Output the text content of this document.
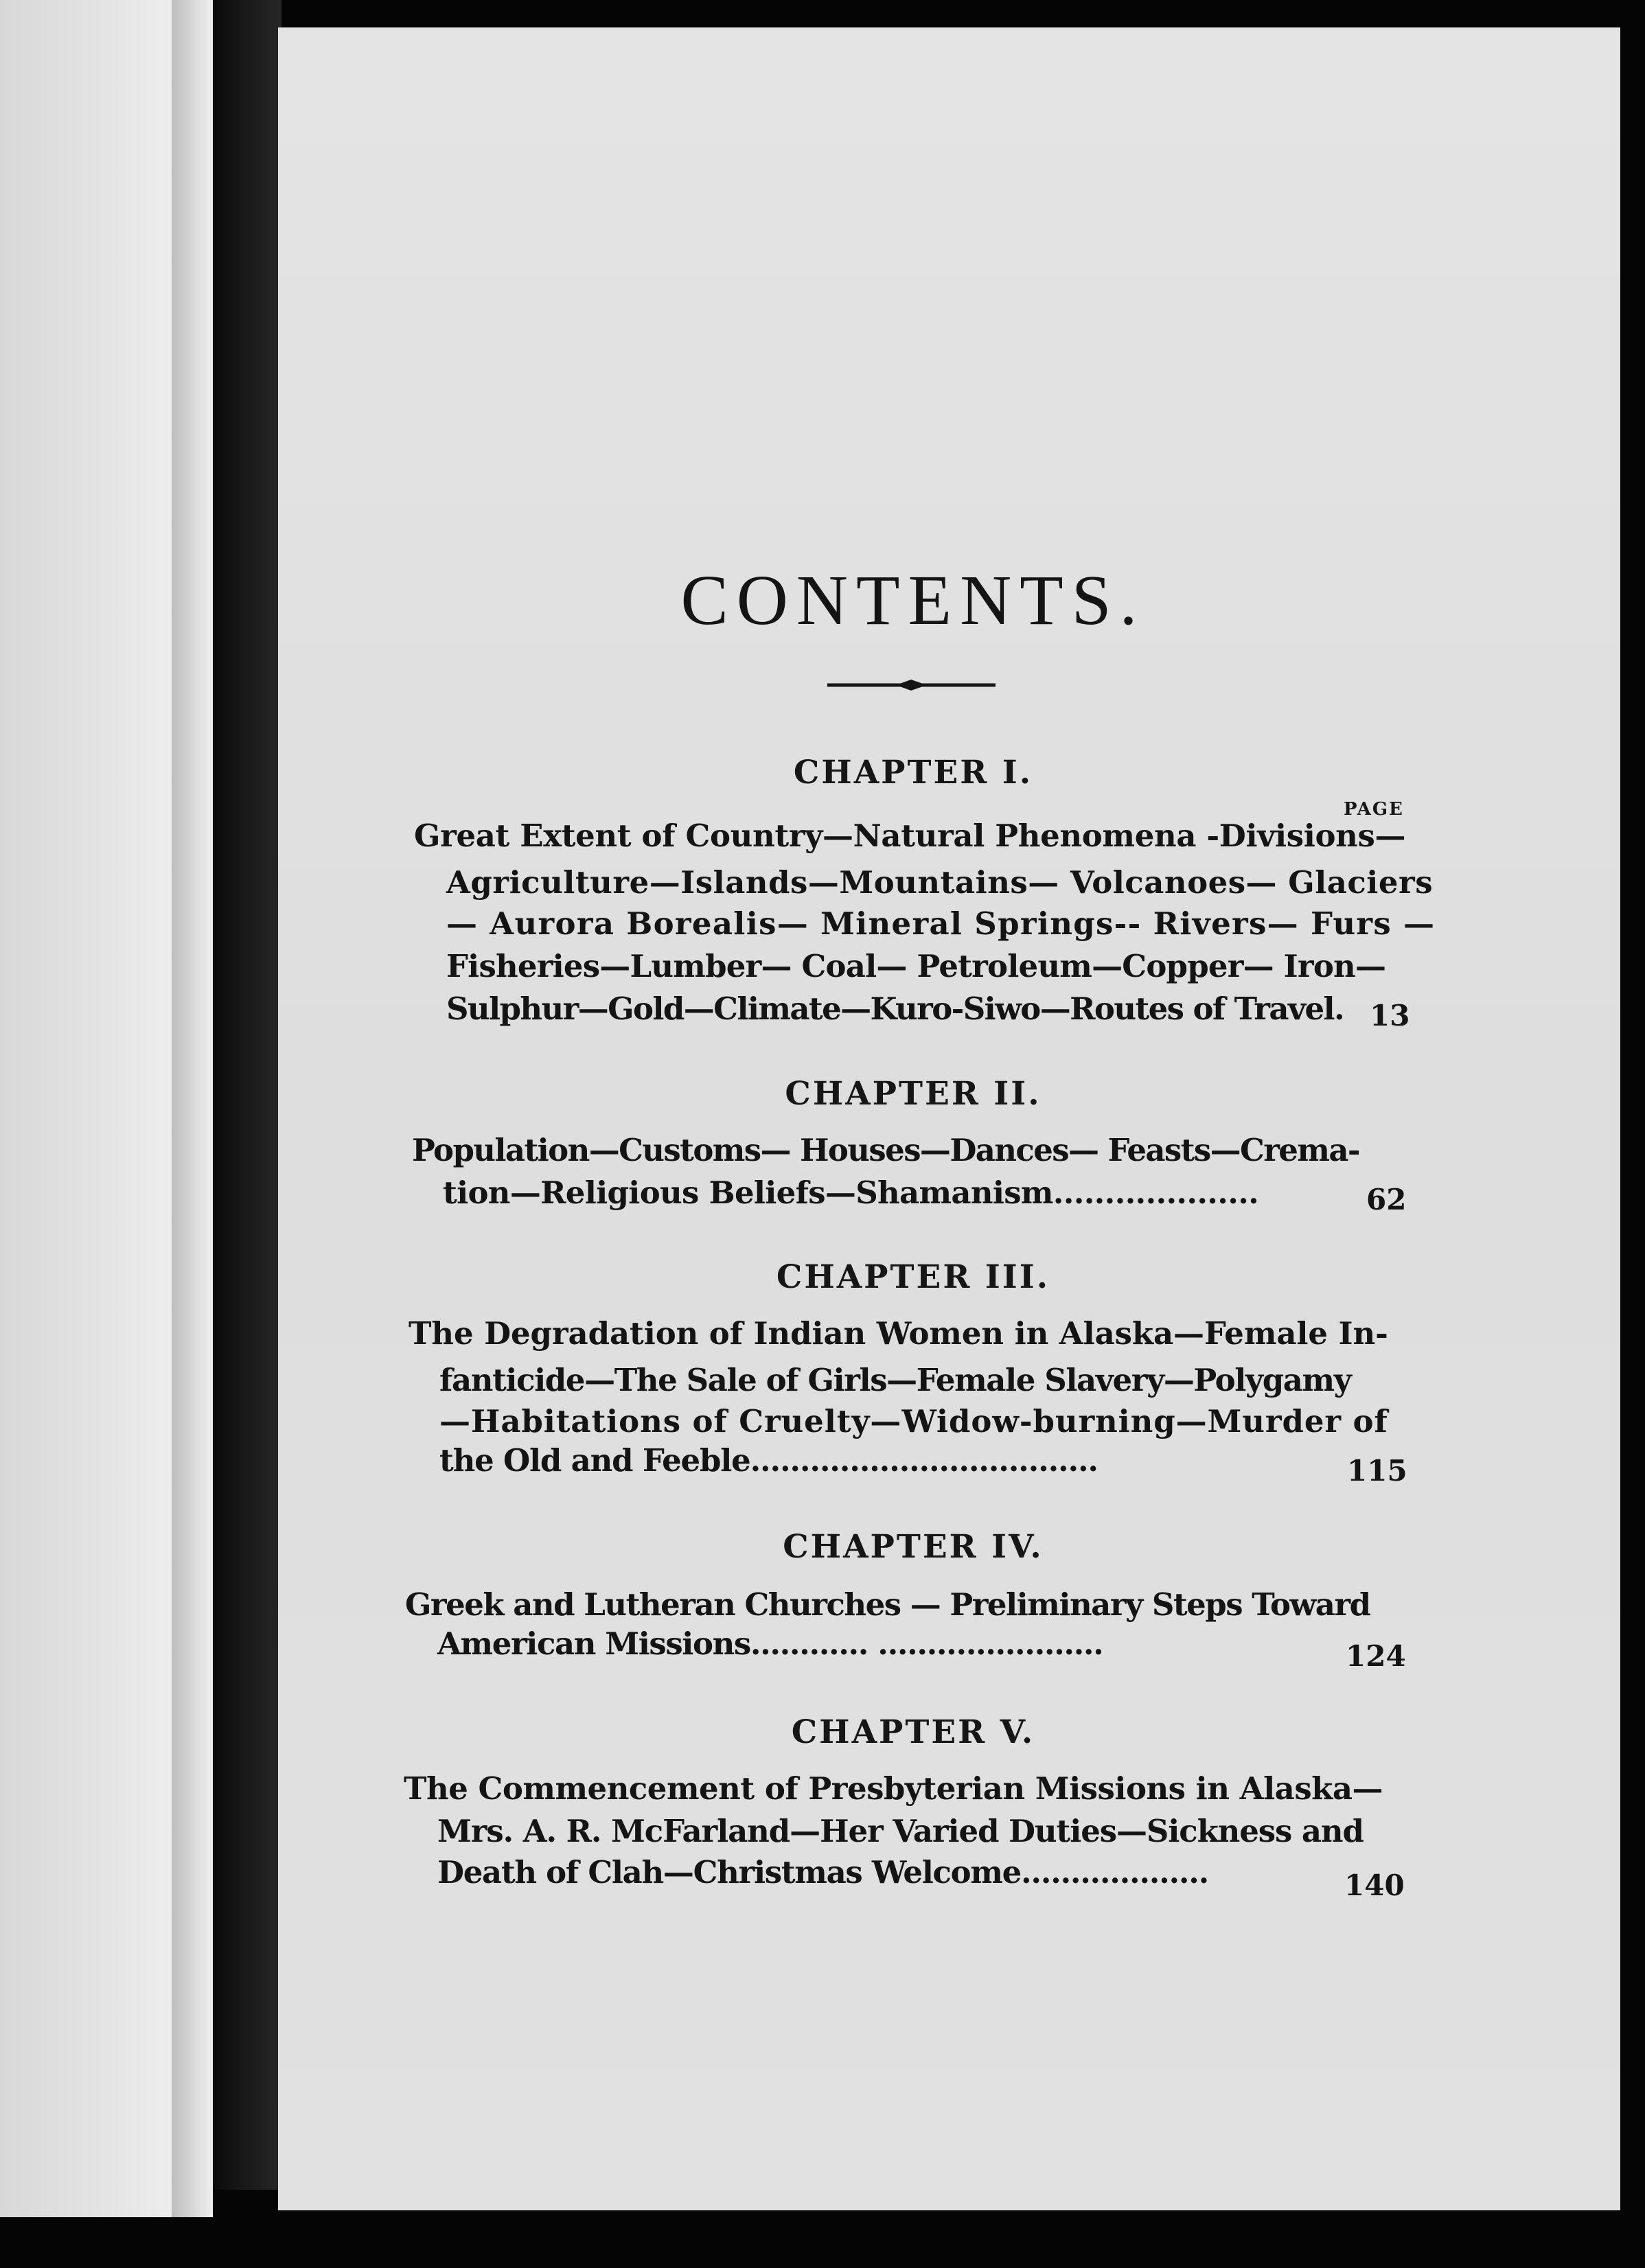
CONTENTS.
PAGE
CHAPTER I.
Great Extent of Country—Natural Phenomena -Divisions—
Agriculture—Islands—Mountains— Volcanoes— Glaciers
— Aurora Borealis— Mineral Springs-- Rivers— Furs —
Fisheries—Lumber— Coal— Petroleum—Copper— Iron—
Sulphur—Gold—Climate—Kuro-Siwo—Routes of Travel. 13
CHAPTER II.
Population—Customs— Houses—Dances— Feasts—Crema-
tion—Religious Beliefs—Shamanism....................	62
CHAPTER III.
The Degradation of Indian Women in Alaska—Female In-
fanticide—The Sale of Girls—Female Slavery—Polygamy
—Habitations of Cruelty—Widow-burning—Murder of
the Old and Feeble...................................	115
CHAPTER IV.
Greek and Lutheran Churches — Preliminary Steps Toward
American Missions............ .......................	124
CHAPTER V.
The Commencement of Presbyterian Missions in Alaska—
Mrs. A. R. McFarland—Her Varied Duties—Sickness and
Death of Clah—Christmas Welcome...................	140
